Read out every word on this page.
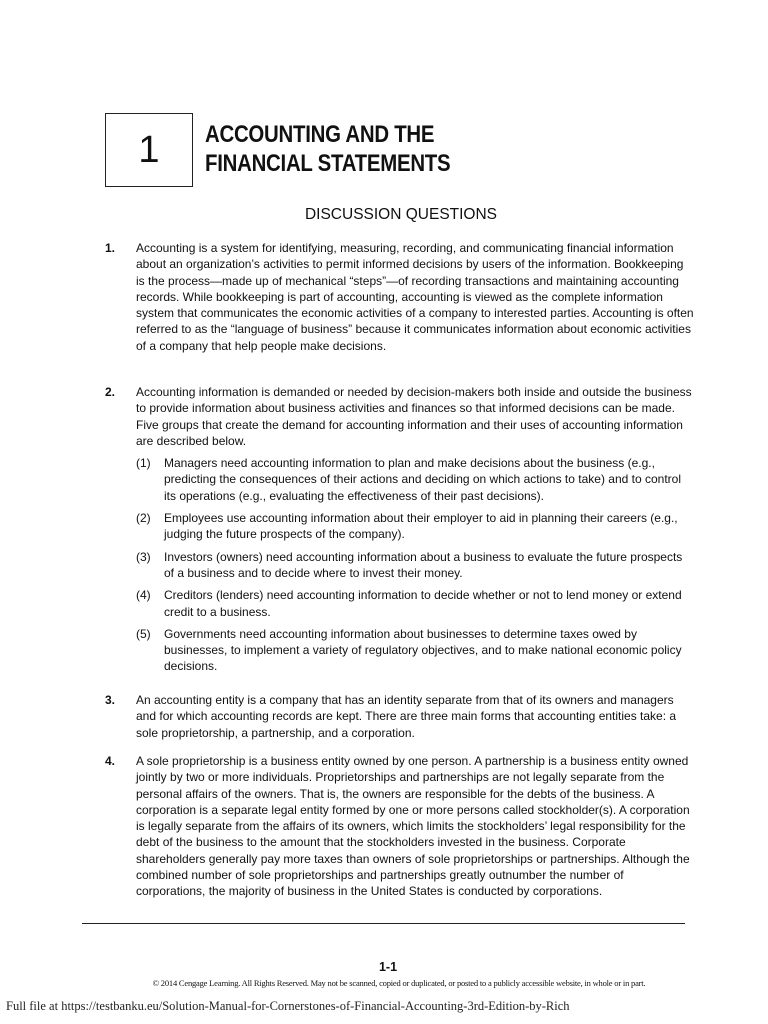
1 ACCOUNTING AND THE
FINANCIAL STATEMENTS
DISCUSSION QUESTIONS
1. Accounting is a system for identifying, measuring, recording, and communicating financial information about an organization’s activities to permit informed decisions by users of the information. Bookkeeping is the process—made up of mechanical “steps”—of recording transactions and maintaining accounting records. While bookkeeping is part of accounting, accounting is viewed as the complete information system that communicates the economic activities of a company to interested parties. Accounting is often referred to as the “language of business” because it communicates information about economic activities of a company that help people make decisions.
2. Accounting information is demanded or needed by decision-makers both inside and outside the business to provide information about business activities and finances so that informed decisions can be made. Five groups that create the demand for accounting information and their uses of accounting information are described below.
(1) Managers need accounting information to plan and make decisions about the business (e.g., predicting the consequences of their actions and deciding on which actions to take) and to control its operations (e.g., evaluating the effectiveness of their past decisions).
(2) Employees use accounting information about their employer to aid in planning their careers (e.g., judging the future prospects of the company).
(3) Investors (owners) need accounting information about a business to evaluate the future prospects of a business and to decide where to invest their money.
(4) Creditors (lenders) need accounting information to decide whether or not to lend money or extend credit to a business.
(5) Governments need accounting information about businesses to determine taxes owed by businesses, to implement a variety of regulatory objectives, and to make national economic policy decisions.
3. An accounting entity is a company that has an identity separate from that of its owners and managers and for which accounting records are kept. There are three main forms that accounting entities take: a sole proprietorship, a partnership, and a corporation.
4. A sole proprietorship is a business entity owned by one person. A partnership is a business entity owned jointly by two or more individuals. Proprietorships and partnerships are not legally separate from the personal affairs of the owners. That is, the owners are responsible for the debts of the business. A corporation is a separate legal entity formed by one or more persons called stockholder(s). A corporation is legally separate from the affairs of its owners, which limits the stockholders’ legal responsibility for the debt of the business to the amount that the stockholders invested in the business. Corporate shareholders generally pay more taxes than owners of sole proprietorships or partnerships. Although the combined number of sole proprietorships and partnerships greatly outnumber the number of corporations, the majority of business in the United States is conducted by corporations.
1-1
© 2014 Cengage Learning. All Rights Reserved. May not be scanned, copied or duplicated, or posted to a publicly accessible website, in whole or in part.
Full file at https://testbanku.eu/Solution-Manual-for-Cornerstones-of-Financial-Accounting-3rd-Edition-by-Rich
